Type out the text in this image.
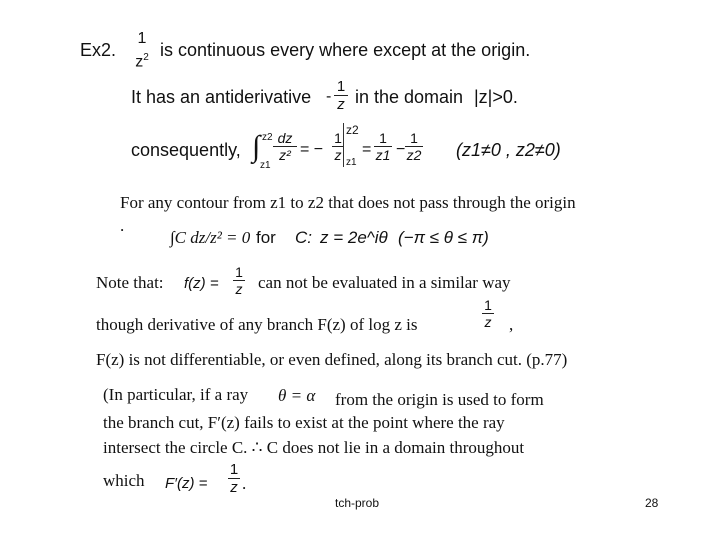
Ex2.
1
$z^2$ is continuous every where except at the origin.
It has an antiderivative -
1
z in the domain |z|>0.
consequently, ∫ z2
z1
dz
z² = −
1
z
z2
z1
=
1
z1 −
1
z2 (z1≠0 , z2≠0)
For any contour from z1 to z2 that does not pass through the origin
.
∫C dz/z² = 0 for C: z = 2e^iθ (−π ≤ θ ≤ π)
Note that: f(z) =
1
z can not be evaluated in a similar way
though derivative of any branch F(z) of log z is
1
z ,
F(z) is not differentiable, or even defined, along its branch cut. (p.77)
(In particular, if a ray θ = α from the origin is used to form
the branch cut, F′(z) fails to exist at the point where the ray
intersect the circle C. ∴ C does not lie in a domain throughout
which F′(z) =
1
z .
tch-prob	28
